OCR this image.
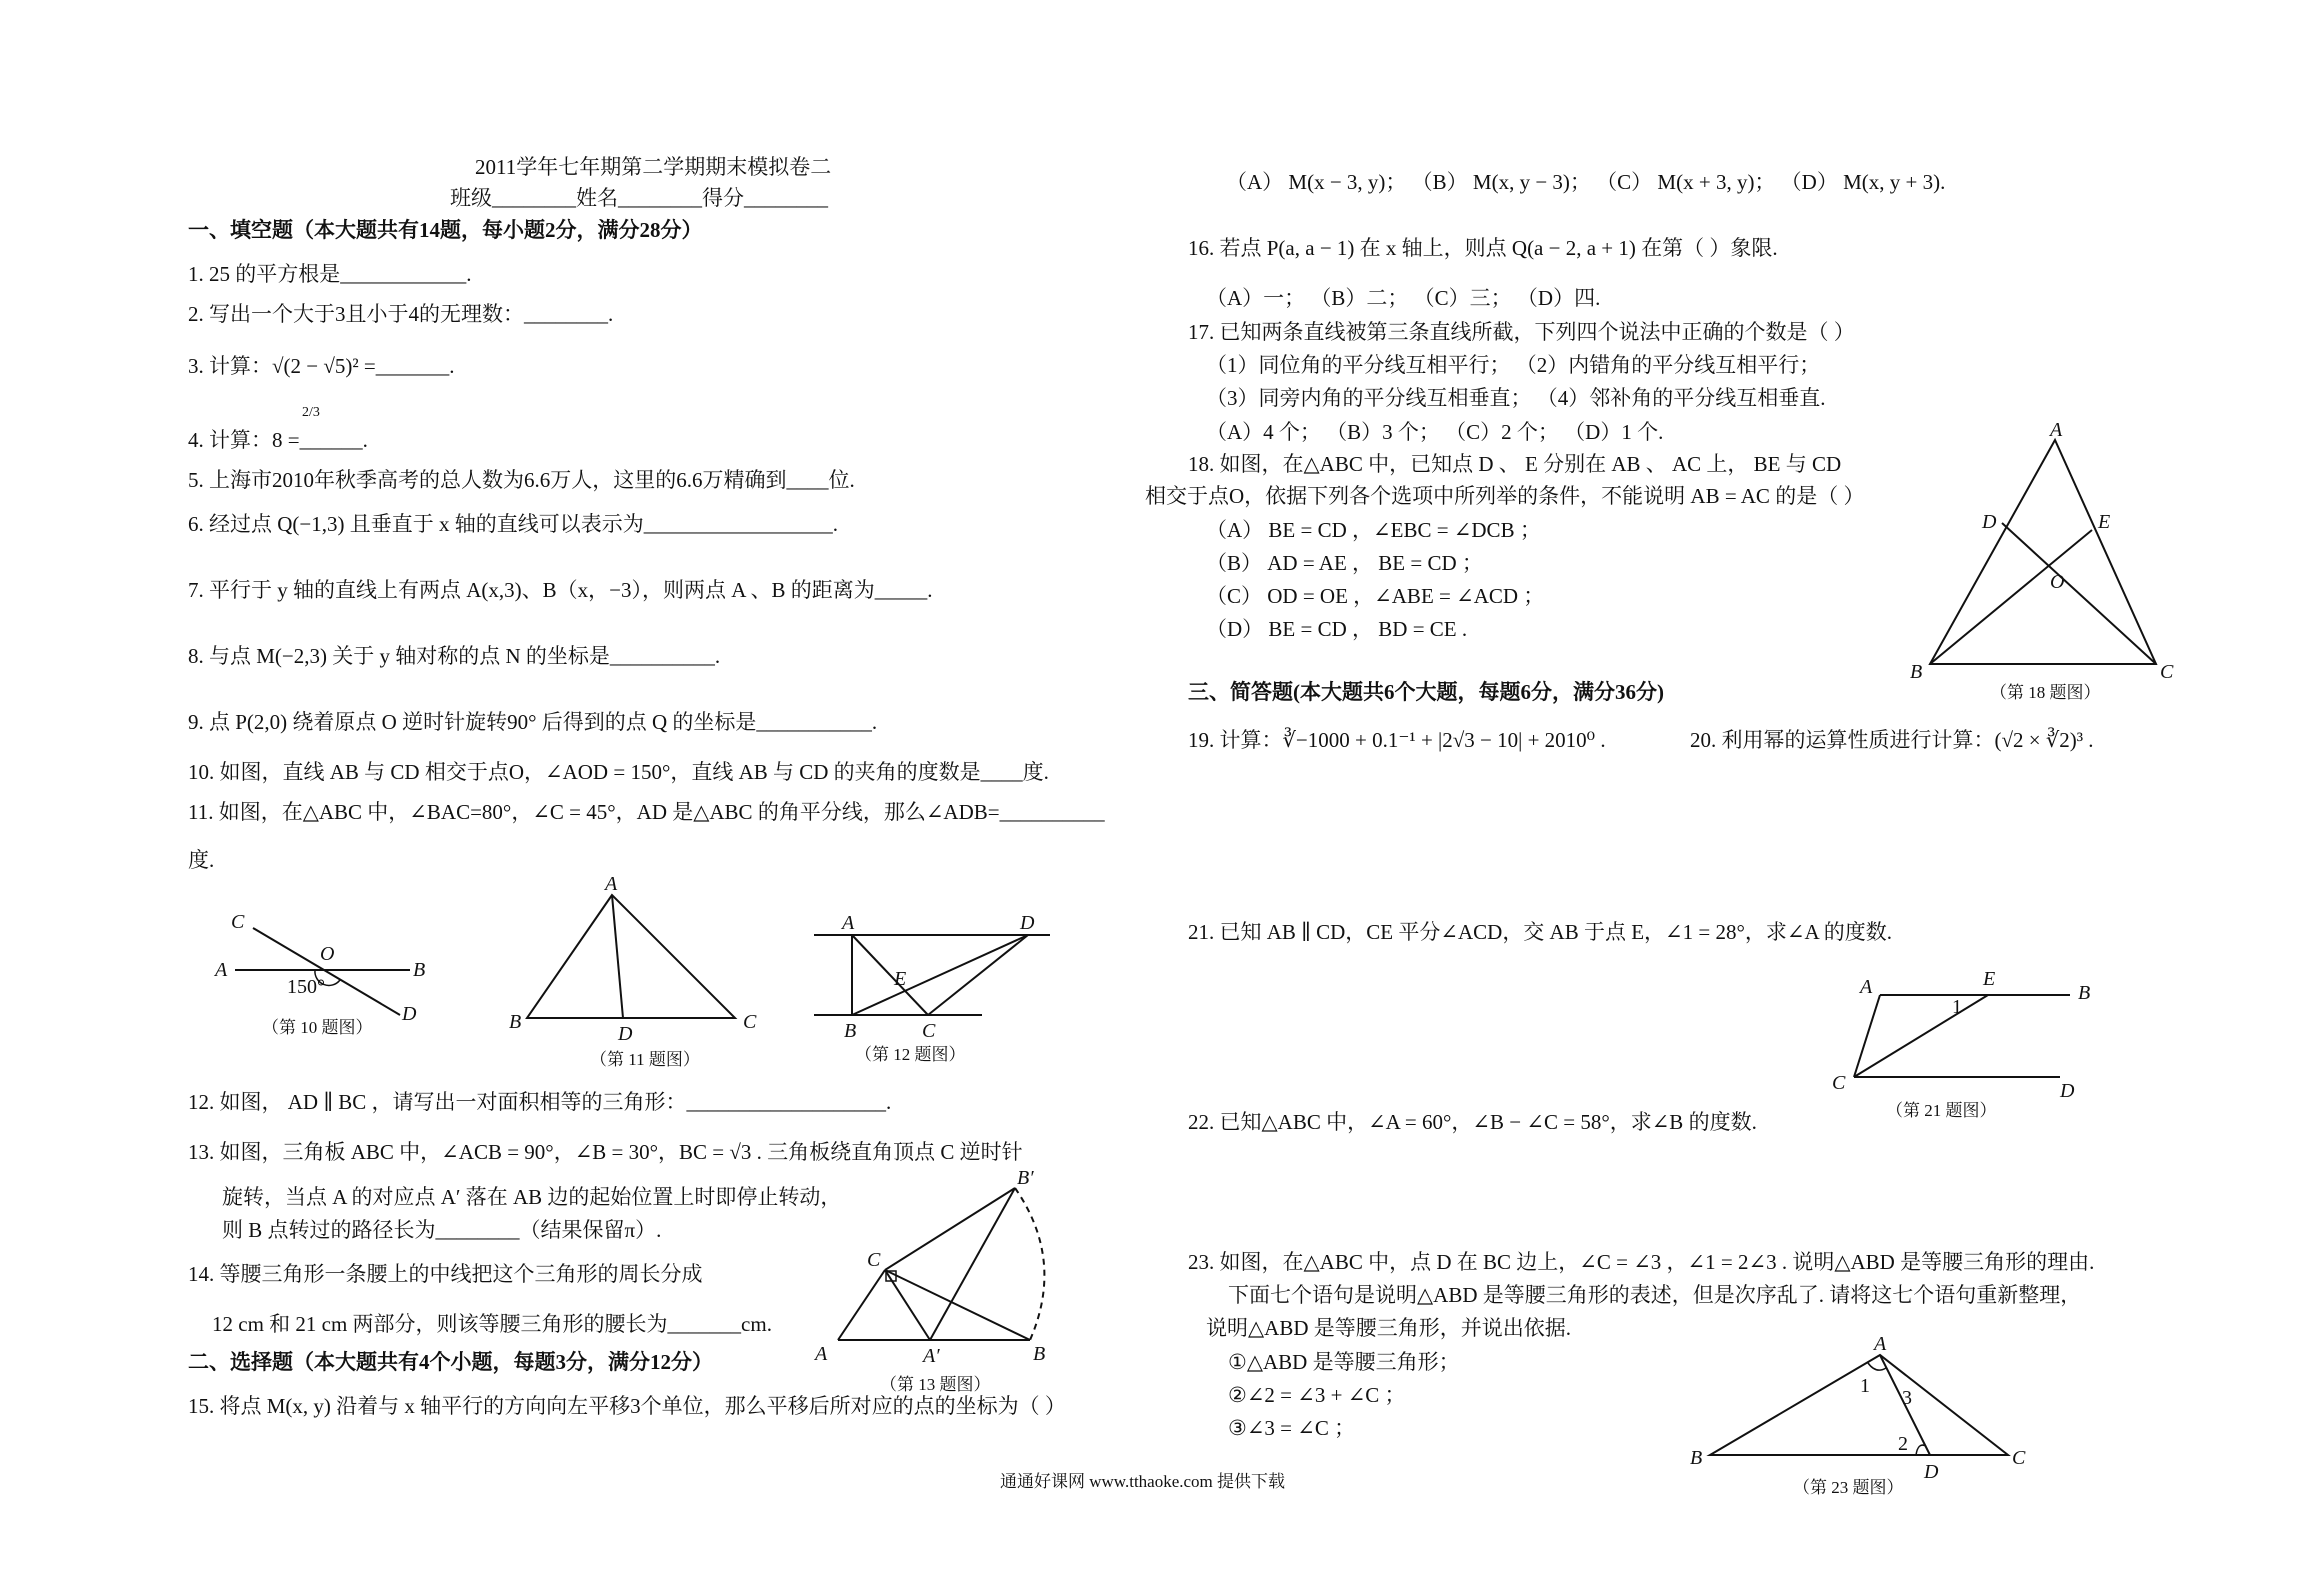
2011学年七年期第二学期期末模拟卷二
班级________姓名________得分________
一、填空题（本大题共有14题，每小题2分，满分28分）
1. 25 的平方根是____________.
2. 写出一个大于3且小于4的无理数：________.
3. 计算：√(2 − √5)² =_______.
2/3
4. 计算：8 =______.
5. 上海市2010年秋季高考的总人数为6.6万人，这里的6.6万精确到____位.
6. 经过点 Q(−1,3) 且垂直于 x 轴的直线可以表示为__________________.
7. 平行于 y 轴的直线上有两点 A(x,3)、B（x，−3），则两点 A 、B 的距离为_____.
8. 与点 M(−2,3) 关于 y 轴对称的点 N 的坐标是__________.
9. 点 P(2,0) 绕着原点 O 逆时针旋转90° 后得到的点 Q 的坐标是___________.
10. 如图，直线 AB 与 CD 相交于点O，∠AOD = 150°，直线 AB 与 CD 的夹角的度数是____度.
11. 如图，在△ABC 中，∠BAC=80°，∠C = 45°，AD 是△ABC 的角平分线，那么∠ADB=__________
度.
C
O
A	B
D
150°
（第 10 题图）
A
B	C
D
（第 11 题图）
A	D
E
B	C
（第 12 题图）
12. 如图， AD ∥ BC ，请写出一对面积相等的三角形：___________________.
13. 如图，三角板 ABC 中，∠ACB = 90°，∠B = 30°，BC = √3 . 三角板绕直角顶点 C 逆时针
旋转，当点 A 的对应点 A′ 落在 AB 边的起始位置上时即停止转动，
则 B 点转过的路径长为________（结果保留π）.
14. 等腰三角形一条腰上的中线把这个三角形的周长分成
12 cm 和 21 cm 两部分，则该等腰三角形的腰长为_______cm.
二、选择题（本大题共有4个小题，每题3分，满分12分）
15. 将点 M(x, y) 沿着与 x 轴平行的方向向左平移3个单位，那么平移后所对应的点的坐标为（ ）
B′
C
A	A′	B
（第 13 题图）
（A） M(x − 3, y)； （B） M(x, y − 3)； （C） M(x + 3, y)； （D） M(x, y + 3).
16. 若点 P(a, a − 1) 在 x 轴上，则点 Q(a − 2, a + 1) 在第（ ）象限.
（A）一； （B）二； （C）三； （D）四.
17. 已知两条直线被第三条直线所截，下列四个说法中正确的个数是（ ）
（1）同位角的平分线互相平行； （2）内错角的平分线互相平行；
（3）同旁内角的平分线互相垂直； （4）邻补角的平分线互相垂直.
（A）4 个； （B）3 个； （C）2 个； （D）1 个.
18. 如图，在△ABC 中，已知点 D 、 E 分别在 AB 、 AC 上， BE 与 CD
相交于点O，依据下列各个选项中所列举的条件，不能说明 AB = AC 的是（ ）
（A） BE = CD ，∠EBC = ∠DCB ；
（B） AD = AE ， BE = CD ；
（C） OD = OE ，∠ABE = ∠ACD ；
（D） BE = CD ， BD = CE .
A
D	E
O
B	C
（第 18 题图）
三、简答题(本大题共6个大题，每题6分，满分36分)
19. 计算：∛−1000 + 0.1⁻¹ + |2√3 − 10| + 2010⁰ .	20. 利用幂的运算性质进行计算：(√2 × ∛2)³ .
21. 已知 AB ∥ CD，CE 平分∠ACD，交 AB 于点 E，∠1 = 28°，求∠A 的度数.
A	E
B
C	D
1
（第 21 题图）
22. 已知△ABC 中，∠A = 60°，∠B − ∠C = 58°，求∠B 的度数.
23. 如图，在△ABC 中，点 D 在 BC 边上，∠C = ∠3 ，∠1 = 2∠3 . 说明△ABD 是等腰三角形的理由.
下面七个语句是说明△ABD 是等腰三角形的表述，但是次序乱了. 请将这七个语句重新整理，
说明△ABD 是等腰三角形，并说出依据.
①△ABD 是等腰三角形；
②∠2 = ∠3 + ∠C ；
③∠3 = ∠C ；
A
B	C
D
1
3
2
（第 23 题图）
通通好课网 www.tthaoke.com 提供下载
